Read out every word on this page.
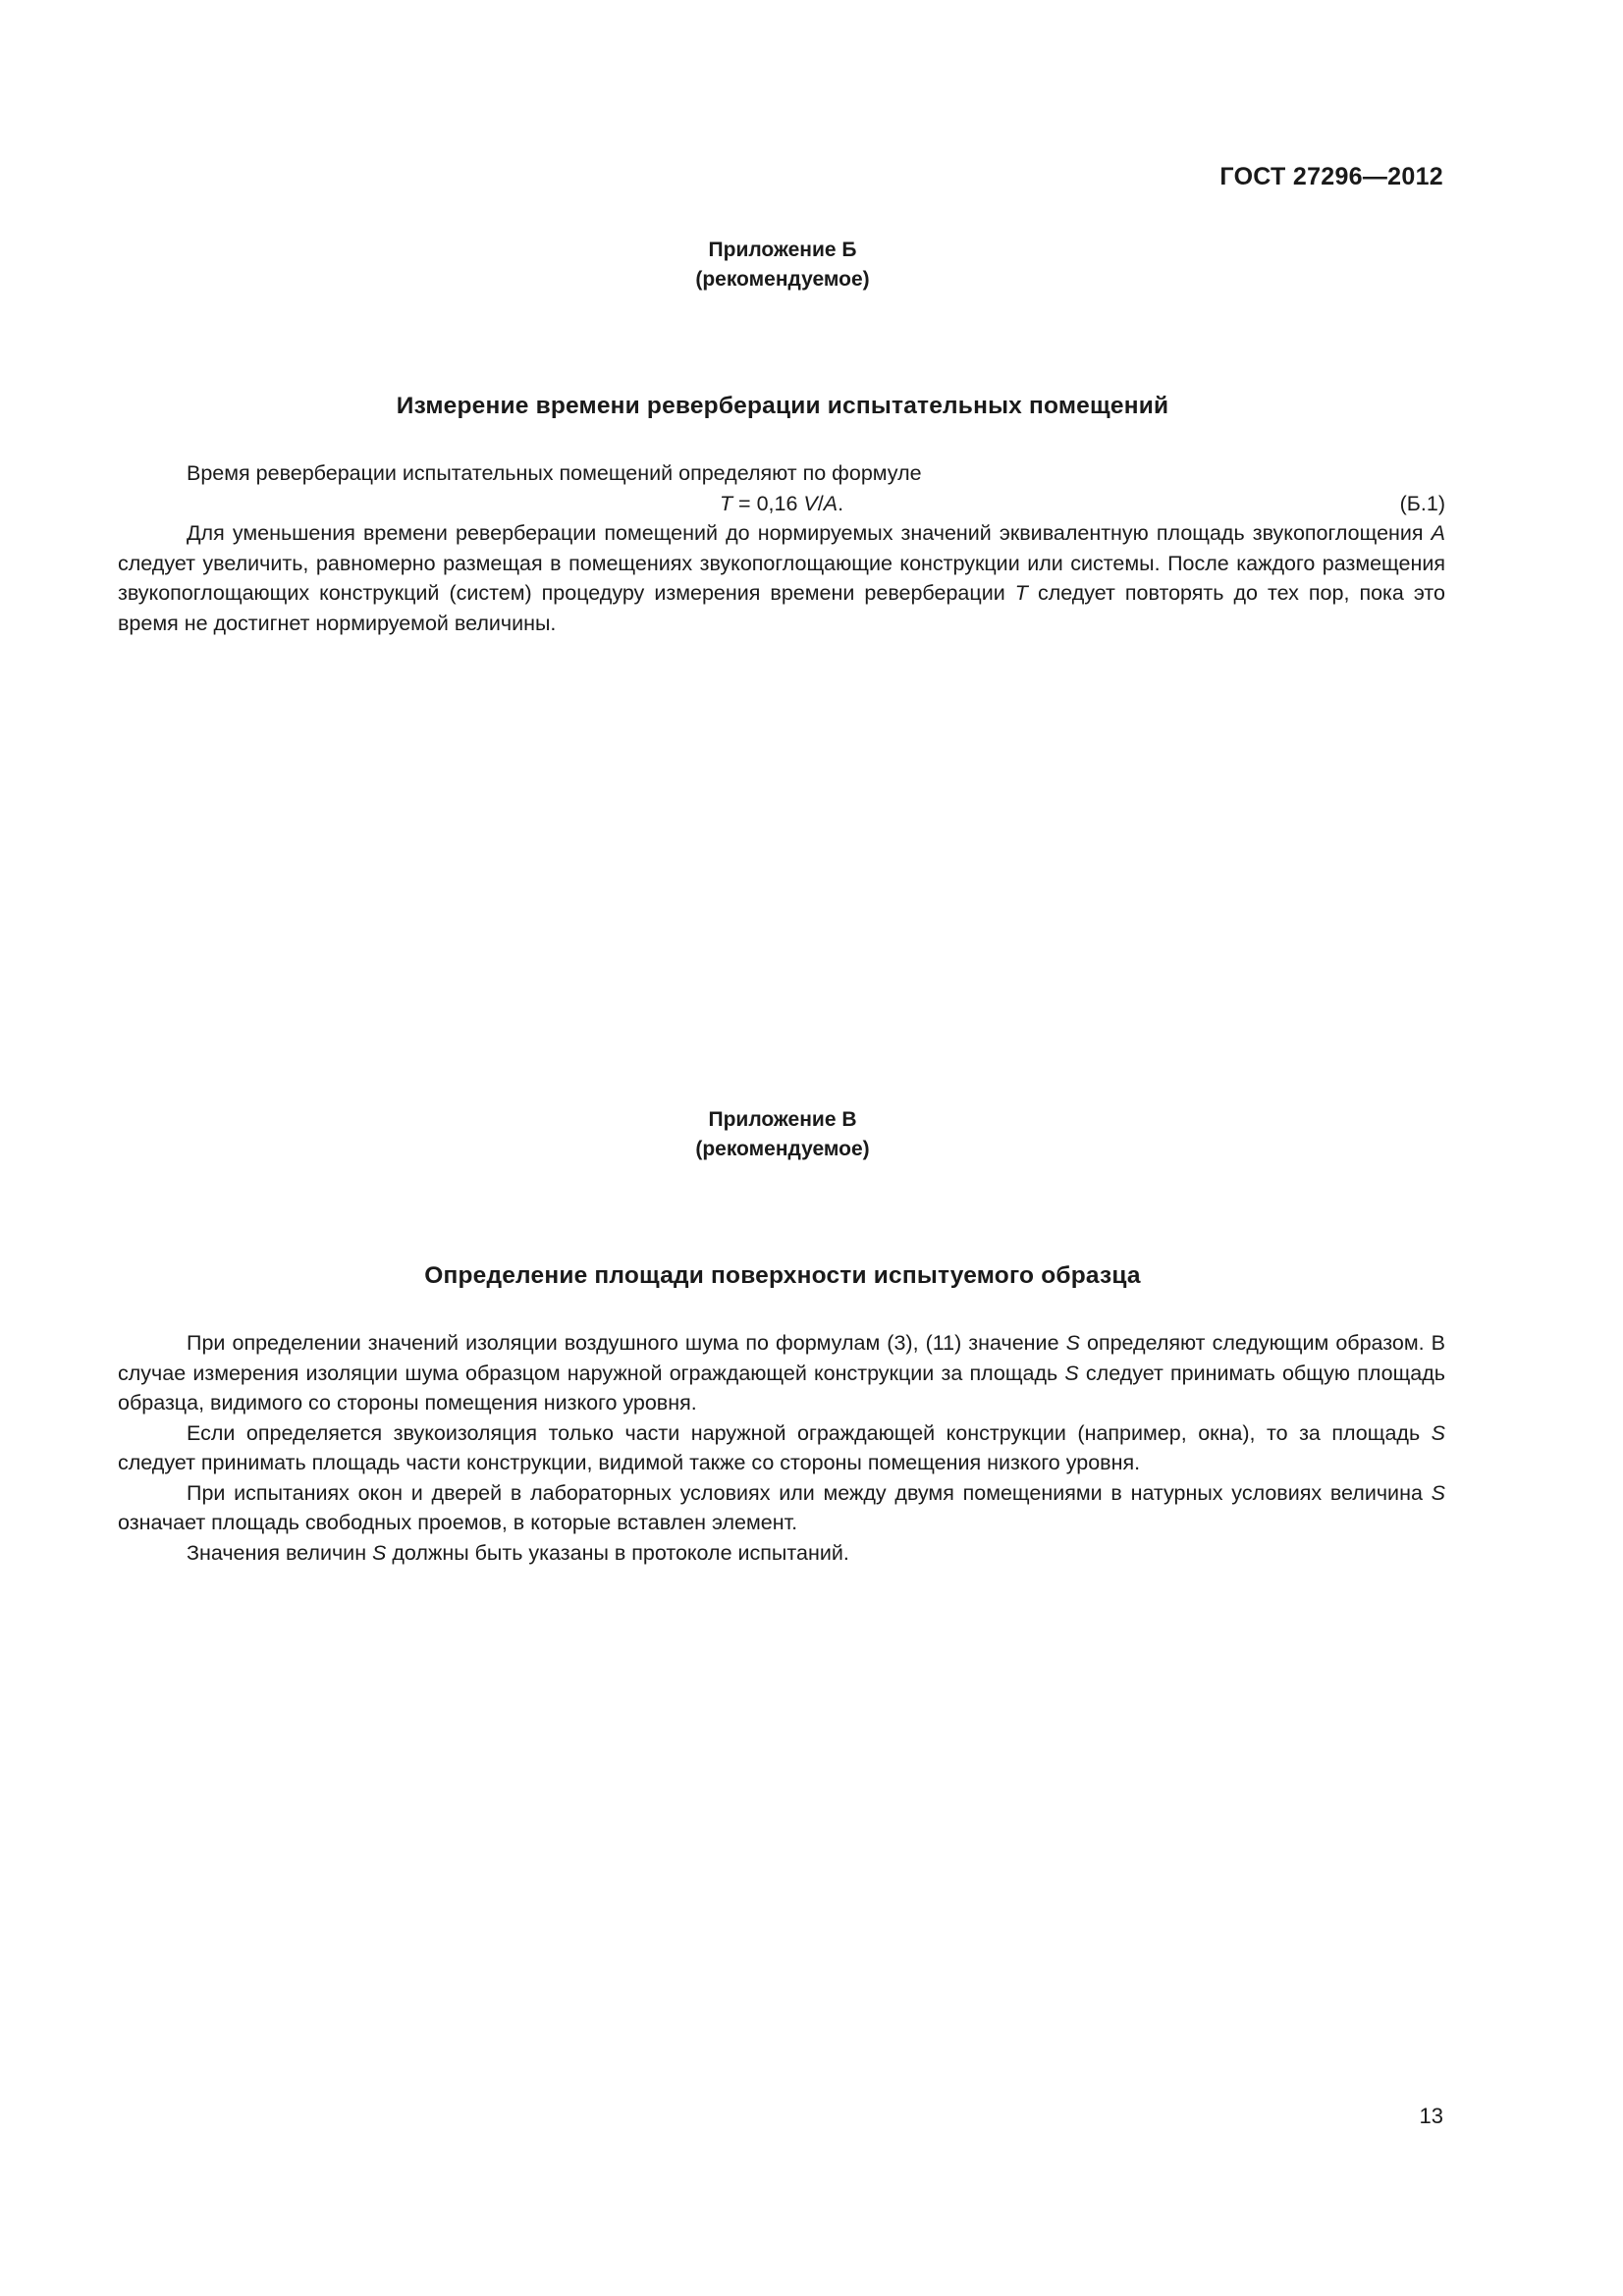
ГОСТ 27296—2012
Приложение Б
(рекомендуемое)
Измерение времени реверберации испытательных помещений

Время реверберации испытательных помещений определяют по формуле

T = 0,16 V/A.	(Б.1)

Для уменьшения времени реверберации помещений до нормируемых значений эквивалентную площадь звукопоглощения A следует увеличить, равномерно размещая в помещениях звукопоглощающие конструкции или системы. После каждого размещения звукопоглощающих конструкций (систем) процедуру измерения времени реверберации T следует повторять до тех пор, пока это время не достигнет нормируемой величины.

Приложение В
(рекомендуемое)
Определение площади поверхности испытуемого образца

При определении значений изоляции воздушного шума по формулам (3), (11) значение S определяют следующим образом. В случае измерения изоляции шума образцом наружной ограждающей конструкции за площадь S следует принимать общую площадь образца, видимого со стороны помещения низкого уровня.

Если определяется звукоизоляция только части наружной ограждающей конструкции (например, окна), то за площадь S следует принимать площадь части конструкции, видимой также со стороны помещения низкого уровня.

При испытаниях окон и дверей в лабораторных условиях или между двумя помещениями в натурных условиях величина S означает площадь свободных проемов, в которые вставлен элемент.

Значения величин S должны быть указаны в протоколе испытаний.

13
